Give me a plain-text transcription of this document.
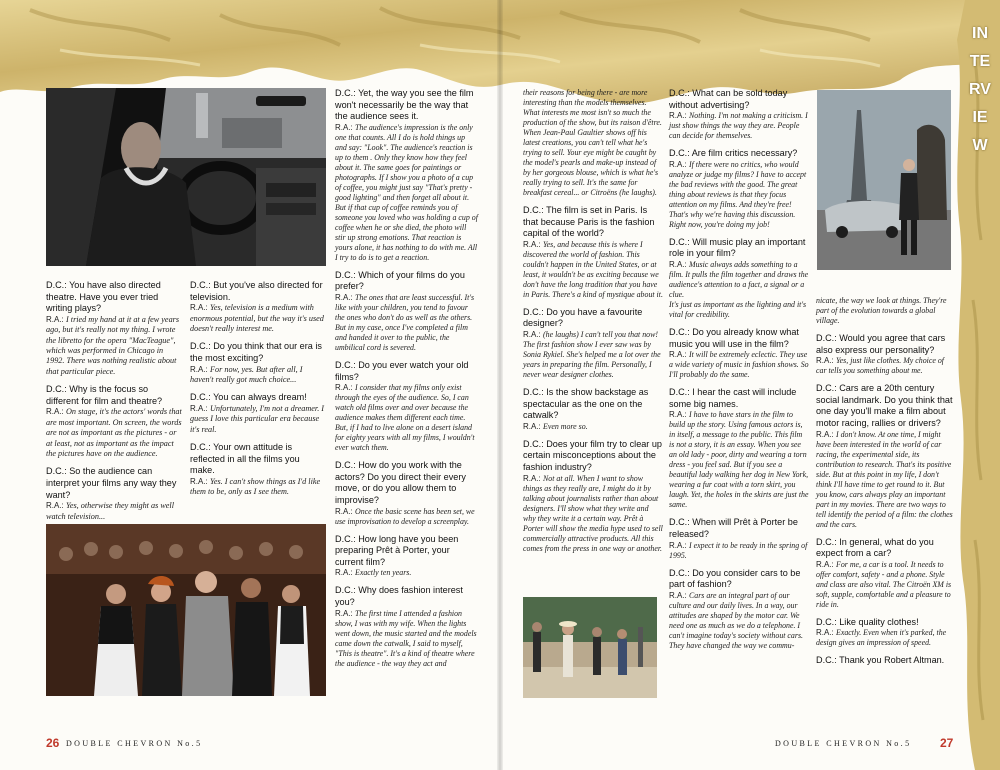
INTERVIEW
D.C.: You have also directed theatre. Have you ever tried writing plays?
R.A.: I tried my hand at it at a few years ago, but it's really not my thing. I wrote the libretto for the opera "MacTeague", which was performed in Chicago in 1992. There was nothing realistic about that particular piece.
D.C.: Why is the focus so different for film and theatre?
R.A.: On stage, it's the actors' words that are most important. On screen, the words are not as important as the pictures - or at least, not as important as the impact the pictures have on the audience.
D.C.: So the audience can interpret your films any way they want?
R.A.: Yes, otherwise they might as well watch television...
D.C.: But you've also directed for television.
R.A.: Yes, television is a medium with enormous potential, but the way it's used doesn't really interest me.
D.C.: Do you think that our era is the most exciting?
R.A.: For now, yes. But after all, I haven't really got much choice...
D.C.: You can always dream!
R.A.: Unfortunately, I'm not a dreamer. I guess I love this particular era because it's real.
D.C.: Your own attitude is reflected in all the films you make.
R.A.: Yes. I can't show things as I'd like them to be, only as I see them.
D.C.: Yet, the way you see the film won't necessarily be the way that the audience sees it.
R.A.: The audience's impression is the only one that counts. All I do is hold things up and say: "Look". The audience's reaction is up to them . Only they know how they feel about it. The same goes for paintings or photographs. If I show you a photo of a cup of coffee, you might just say "That's pretty - good lighting" and then forget all about it. But if that cup of coffee reminds you of someone you loved who was holding a cup of coffee when he or she died, the photo will stir up strong emotions. That reaction is yours alone, it has nothing to do with me. All I try to do is to get a reaction.
D.C.: Which of your films do you prefer?
R.A.: The ones that are least successful. It's like with your children, you tend to favour the ones who don't do as well as the others. But in my case, once I've completed a film and handed it over to the public, the umbilical cord is severed.
D.C.: Do you ever watch your old films?
R.A.: I consider that my films only exist through the eyes of the audience. So, I can watch old films over and over because the audience makes them different each time. But, if I had to live alone on a desert island for eighty years with all my films, I wouldn't ever watch them.
D.C.: How do you work with the actors? Do you direct their every move, or do you allow them to improvise?
R.A.: Once the basic scene has been set, we use improvisation to develop a screenplay.
D.C.: How long have you been preparing Prêt à Porter, your current film?
R.A.: Exactly ten years.
D.C.: Why does fashion interest you?
R.A.: The first time I attended a fashion show, I was with my wife. When the lights went down, the music started and the models came down the catwalk, I said to myself, "This is theatre". It's a kind of theatre where the audience - the way they act and
their reasons for being there - are more interesting than the models themselves. What interests me most isn't so much the production of the show, but its raison d'être. When Jean-Paul Gaultier shows off his latest creations, you can't tell what he's trying to sell. Your eye might be caught by the model's pearls and make-up instead of by her gorgeous blouse, which is what he's really trying to sell. It's the same for breakfast cereal... or Citroëns (he laughs).
D.C.: The film is set in Paris. Is that because Paris is the fashion capital of the world?
R.A.: Yes, and because this is where I discovered the world of fashion. This couldn't happen in the United States, or at least, it wouldn't be as exciting because we don't have the long tradition that you have in Paris. There's a kind of mystique about it.
D.C.: Do you have a favourite designer?
R.A.: (he laughs) I can't tell you that now! The first fashion show I ever saw was by Sonia Rykiel. She's helped me a lot over the years in preparing the film. Personally, I never wear designer clothes.
D.C.: Is the show backstage as spectacular as the one on the catwalk?
R.A.: Even more so.
D.C.: Does your film try to clear up certain misconceptions about the fashion industry?
R.A.: Not at all. When I want to show things as they really are, I might do it by talking about journalists rather than about designers. I'll show what they write and why they write it a certain way. Prêt à Porter will show the media hype used to sell commercially attractive products. All this comes from the press in one way or another.
D.C.: What can be sold today without advertising?
R.A.: Nothing. I'm not making a criticism. I just show things the way they are. People can decide for themselves.
D.C.: Are film critics necessary?
R.A.: If there were no critics, who would analyze or judge my films? I have to accept the bad reviews with the good. The great thing about reviews is that they focus attention on my films. And they're free! That's why we're having this discussion. Right now, you're doing my job!
D.C.: Will music play an important role in your film?
R.A.: Music always adds something to a film. It pulls the film together and draws the audience's attention to a fact, a signal or a clue.
It's just as important as the lighting and it's vital for credibility.
D.C.: Do you already know what music you will use in the film?
R.A.: It will be extremely eclectic. They use a wide variety of music in fashion shows. So I'll probably do the same.
D.C.: I hear the cast will include some big names.
R.A.: I have to have stars in the film to build up the story. Using famous actors is, in itself, a message to the public. This film is not a story, it is an essay. When you see an old lady - poor, dirty and wearing a torn dress - you feel sad. But if you see a beautiful lady walking her dog in New York, wearing a fur coat with a torn skirt, you laugh. Yet, the holes in the skirts are just the same.
D.C.: When will Prêt à Porter be released?
R.A.: I expect it to be ready in the spring of 1995.
D.C.: Do you consider cars to be part of fashion?
R.A.: Cars are an integral part of our culture and our daily lives. In a way, our attitudes are shaped by the motor car. We need one as much as we do a telephone. I can't imagine today's society without cars. They have changed the way we commu-
nicate, the way we look at things. They're part of the evolution towards a global village.
D.C.: Would you agree that cars also express our personality?
R.A.: Yes, just like clothes. My choice of car tells you something about me.
D.C.: Cars are a 20th century social landmark. Do you think that one day you'll make a film about motor racing, rallies or drivers?
R.A.: I don't know. At one time, I might have been interested in the world of car racing, the experimental side, its contribution to research. That's its positive side. But at this point in my life, I don't think I'll have time to get round to it. But you know, cars always play an important part in my movies. There are two ways to tell identify the period of a film: the clothes and the cars.
D.C.: In general, what do you expect from a car?
R.A.: For me, a car is a tool. It needs to offer comfort, safety - and a phone. Style and class are also vital. The Citroën XM is soft, supple, comfortable and a pleasure to ride in.
D.C.: Like quality clothes!
R.A.: Exactly. Even when it's parked, the design gives an impression of speed.
D.C.: Thank you Robert Altman.
26 DOUBLE CHEVRON No.5	DOUBLE CHEVRON No.5 27
